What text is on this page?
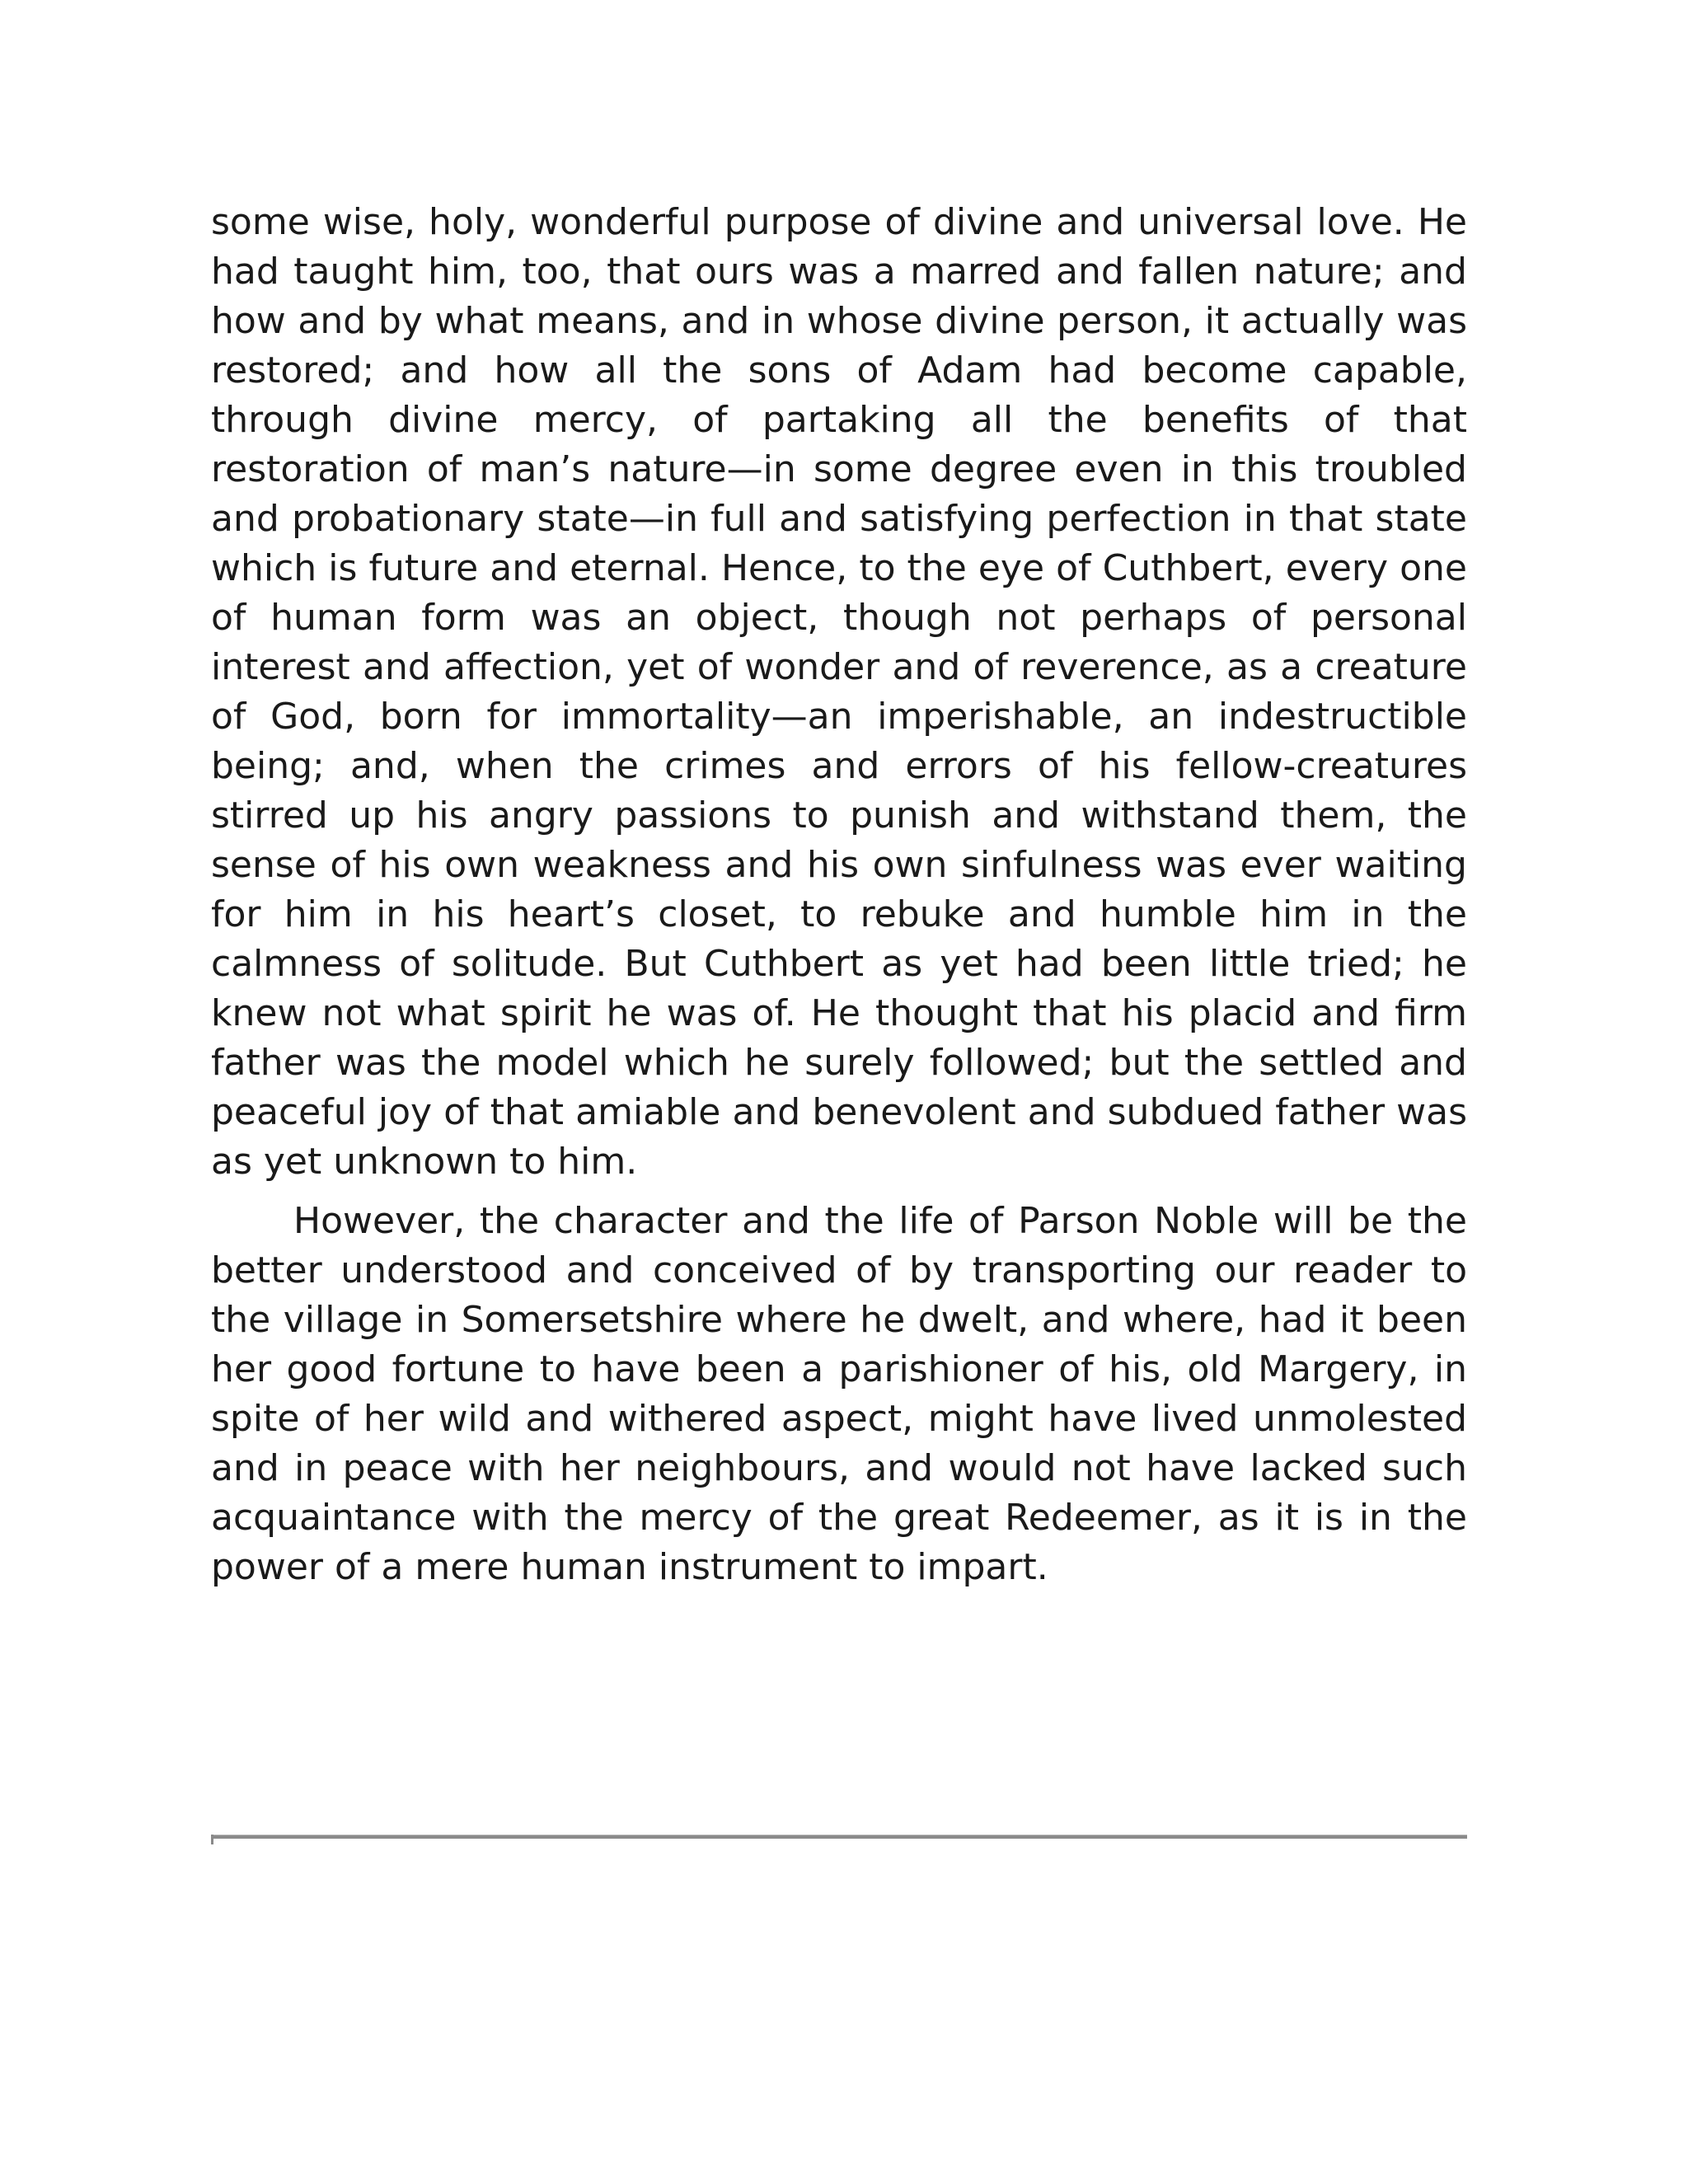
some wise, holy, wonderful purpose of divine and universal love. He had taught him, too, that ours was a marred and fallen nature; and how and by what means, and in whose divine person, it actually was restored; and how all the sons of Adam had become capable, through divine mercy, of partaking all the benefits of that restoration of man’s nature—in some degree even in this troubled and probationary state—in full and satisfying perfection in that state which is future and eternal. Hence, to the eye of Cuthbert, every one of human form was an object, though not perhaps of personal interest and affection, yet of wonder and of reverence, as a creature of God, born for immortality—an imperishable, an indestructible being; and, when the crimes and errors of his fellow-creatures stirred up his angry passions to punish and withstand them, the sense of his own weakness and his own sinfulness was ever waiting for him in his heart’s closet, to rebuke and humble him in the calmness of solitude. But Cuthbert as yet had been little tried; he knew not what spirit he was of. He thought that his placid and firm father was the model which he surely followed; but the settled and peaceful joy of that amiable and benevolent and subdued father was as yet unknown to him.

However, the character and the life of Parson Noble will be the better understood and conceived of by transporting our reader to the village in Somersetshire where he dwelt, and where, had it been her good fortune to have been a parishioner of his, old Margery, in spite of her wild and withered aspect, might have lived unmolested and in peace with her neighbours, and would not have lacked such acquaintance with the mercy of the great Redeemer, as it is in the power of a mere human instrument to impart.
